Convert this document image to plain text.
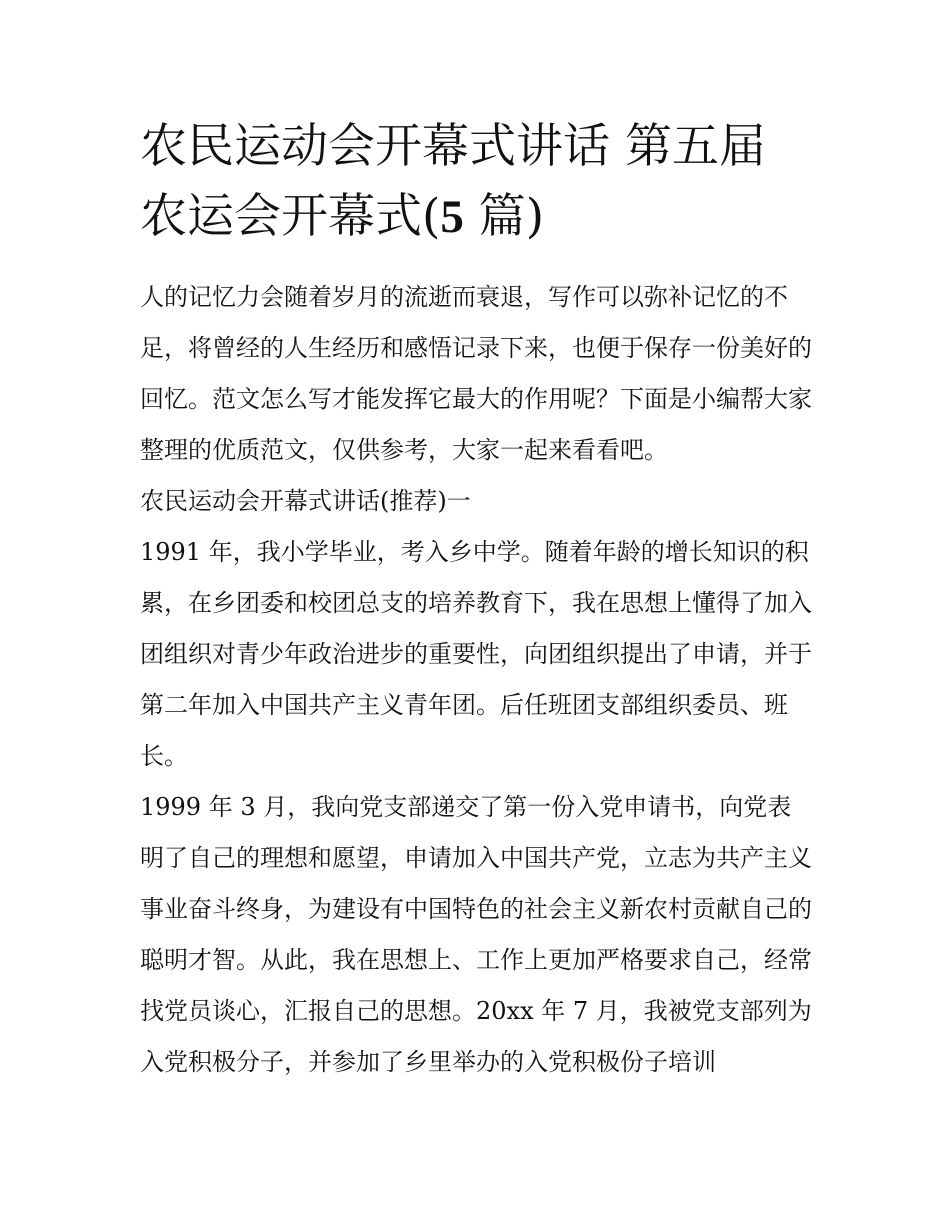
农民运动会开幕式讲话 第五届农运会开幕式(5 篇)

人的记忆力会随着岁月的流逝而衰退，写作可以弥补记忆的不足，将曾经的人生经历和感悟记录下来，也便于保存一份美好的回忆。范文怎么写才能发挥它最大的作用呢？下面是小编帮大家整理的优质范文，仅供参考，大家一起来看看吧。

农民运动会开幕式讲话(推荐)一

1991 年，我小学毕业，考入乡中学。随着年龄的增长知识的积累，在乡团委和校团总支的培养教育下，我在思想上懂得了加入团组织对青少年政治进步的重要性，向团组织提出了申请，并于第二年加入中国共产主义青年团。后任班团支部组织委员、班长。

1999 年 3 月，我向党支部递交了第一份入党申请书，向党表明了自己的理想和愿望，申请加入中国共产党，立志为共产主义事业奋斗终身，为建设有中国特色的社会主义新农村贡献自己的聪明才智。从此，我在思想上、工作上更加严格要求自己，经常找党员谈心，汇报自己的思想。20xx 年 7 月，我被党支部列为入党积极分子，并参加了乡里举办的入党积极份子培训
